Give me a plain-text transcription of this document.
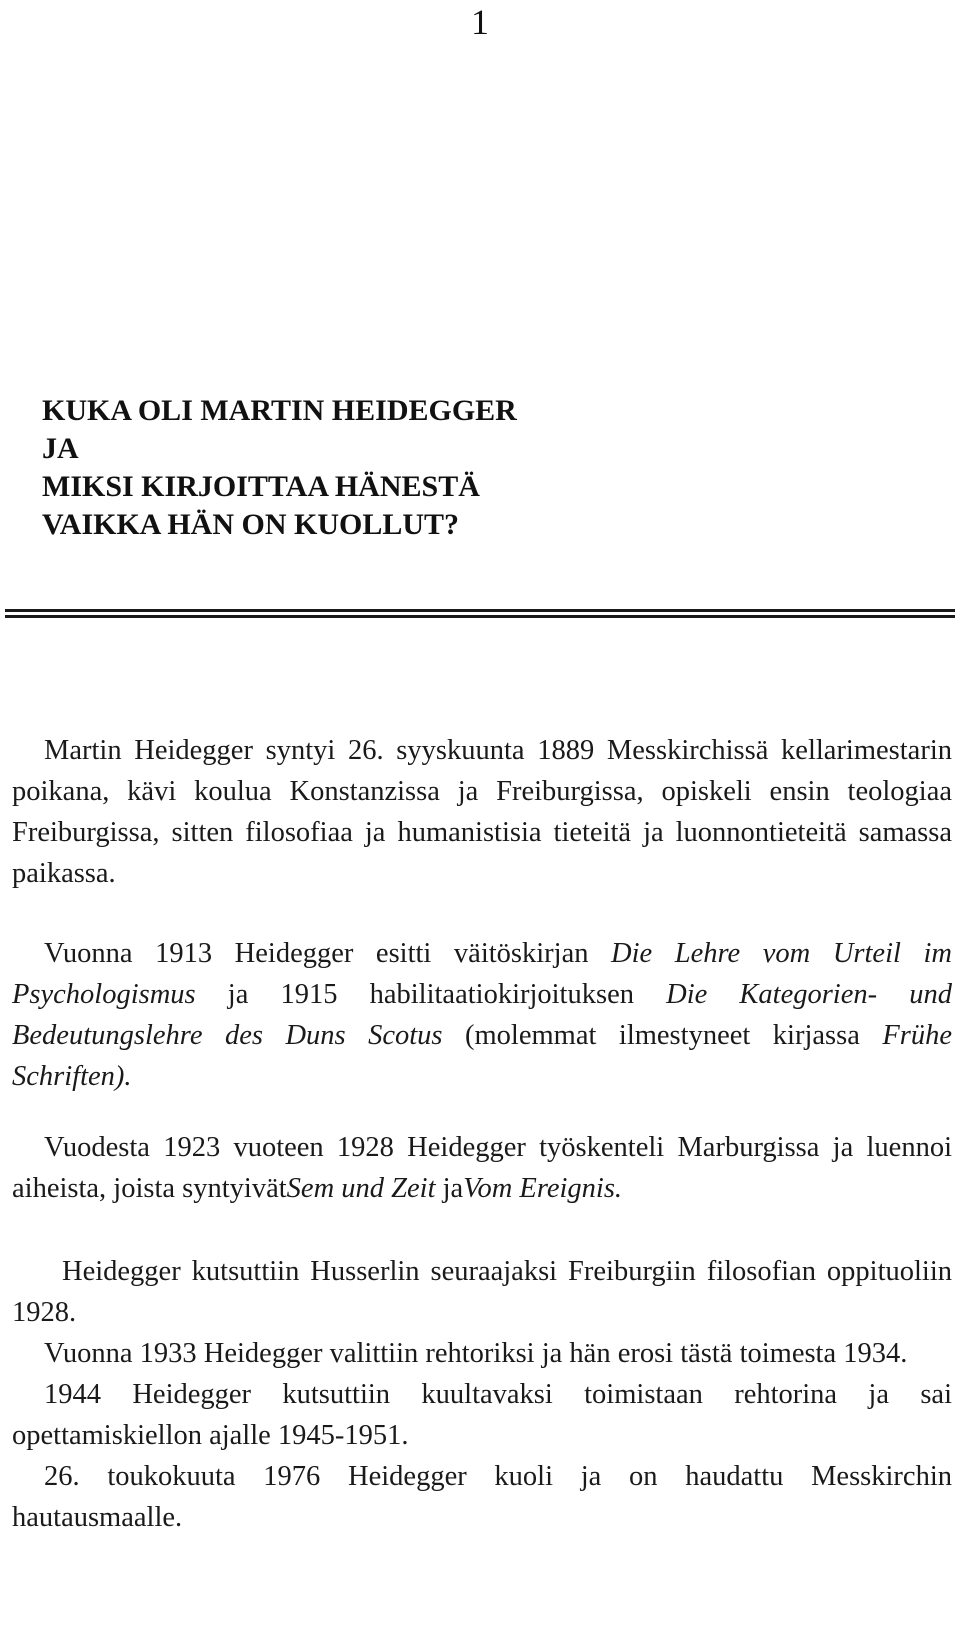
1
KUKA OLI MARTIN HEIDEGGER
JA
MIKSI KIRJOITTAA HÄNESTÄ
VAIKKA HÄN ON KUOLLUT?

Martin Heidegger syntyi 26. syyskuunta 1889 Messkirchissä kellarimestarin poikana, kävi koulua Konstanzissa ja Freiburgissa, opiskeli ensin teologiaa Freiburgissa, sitten filosofiaa ja humanistisia tieteitä ja luonnontieteitä samassa paikassa.

Vuonna 1913 Heidegger esitti väitöskirjan Die Lehre vom Urteil im Psychologismus ja 1915 habilitaatiokirjoituksen Die Kategorien- und Bedeutungslehre des Duns Scotus (molemmat ilmestyneet kirjassa Frühe Schriften).

Vuodesta 1923 vuoteen 1928 Heidegger työskenteli Marburgissa ja luennoi aiheista, joista syntyivätSem und Zeit jaVom Ereignis.

Heidegger kutsuttiin Husserlin seuraajaksi Freiburgiin filosofian oppituoliin 1928.

Vuonna 1933 Heidegger valittiin rehtoriksi ja hän erosi tästä toimesta 1934.

1944 Heidegger kutsuttiin kuultavaksi toimistaan rehtorina ja sai opettamiskiellon ajalle 1945-1951.

26. toukokuuta 1976 Heidegger kuoli ja on haudattu Messkirchin hautausmaalle.
